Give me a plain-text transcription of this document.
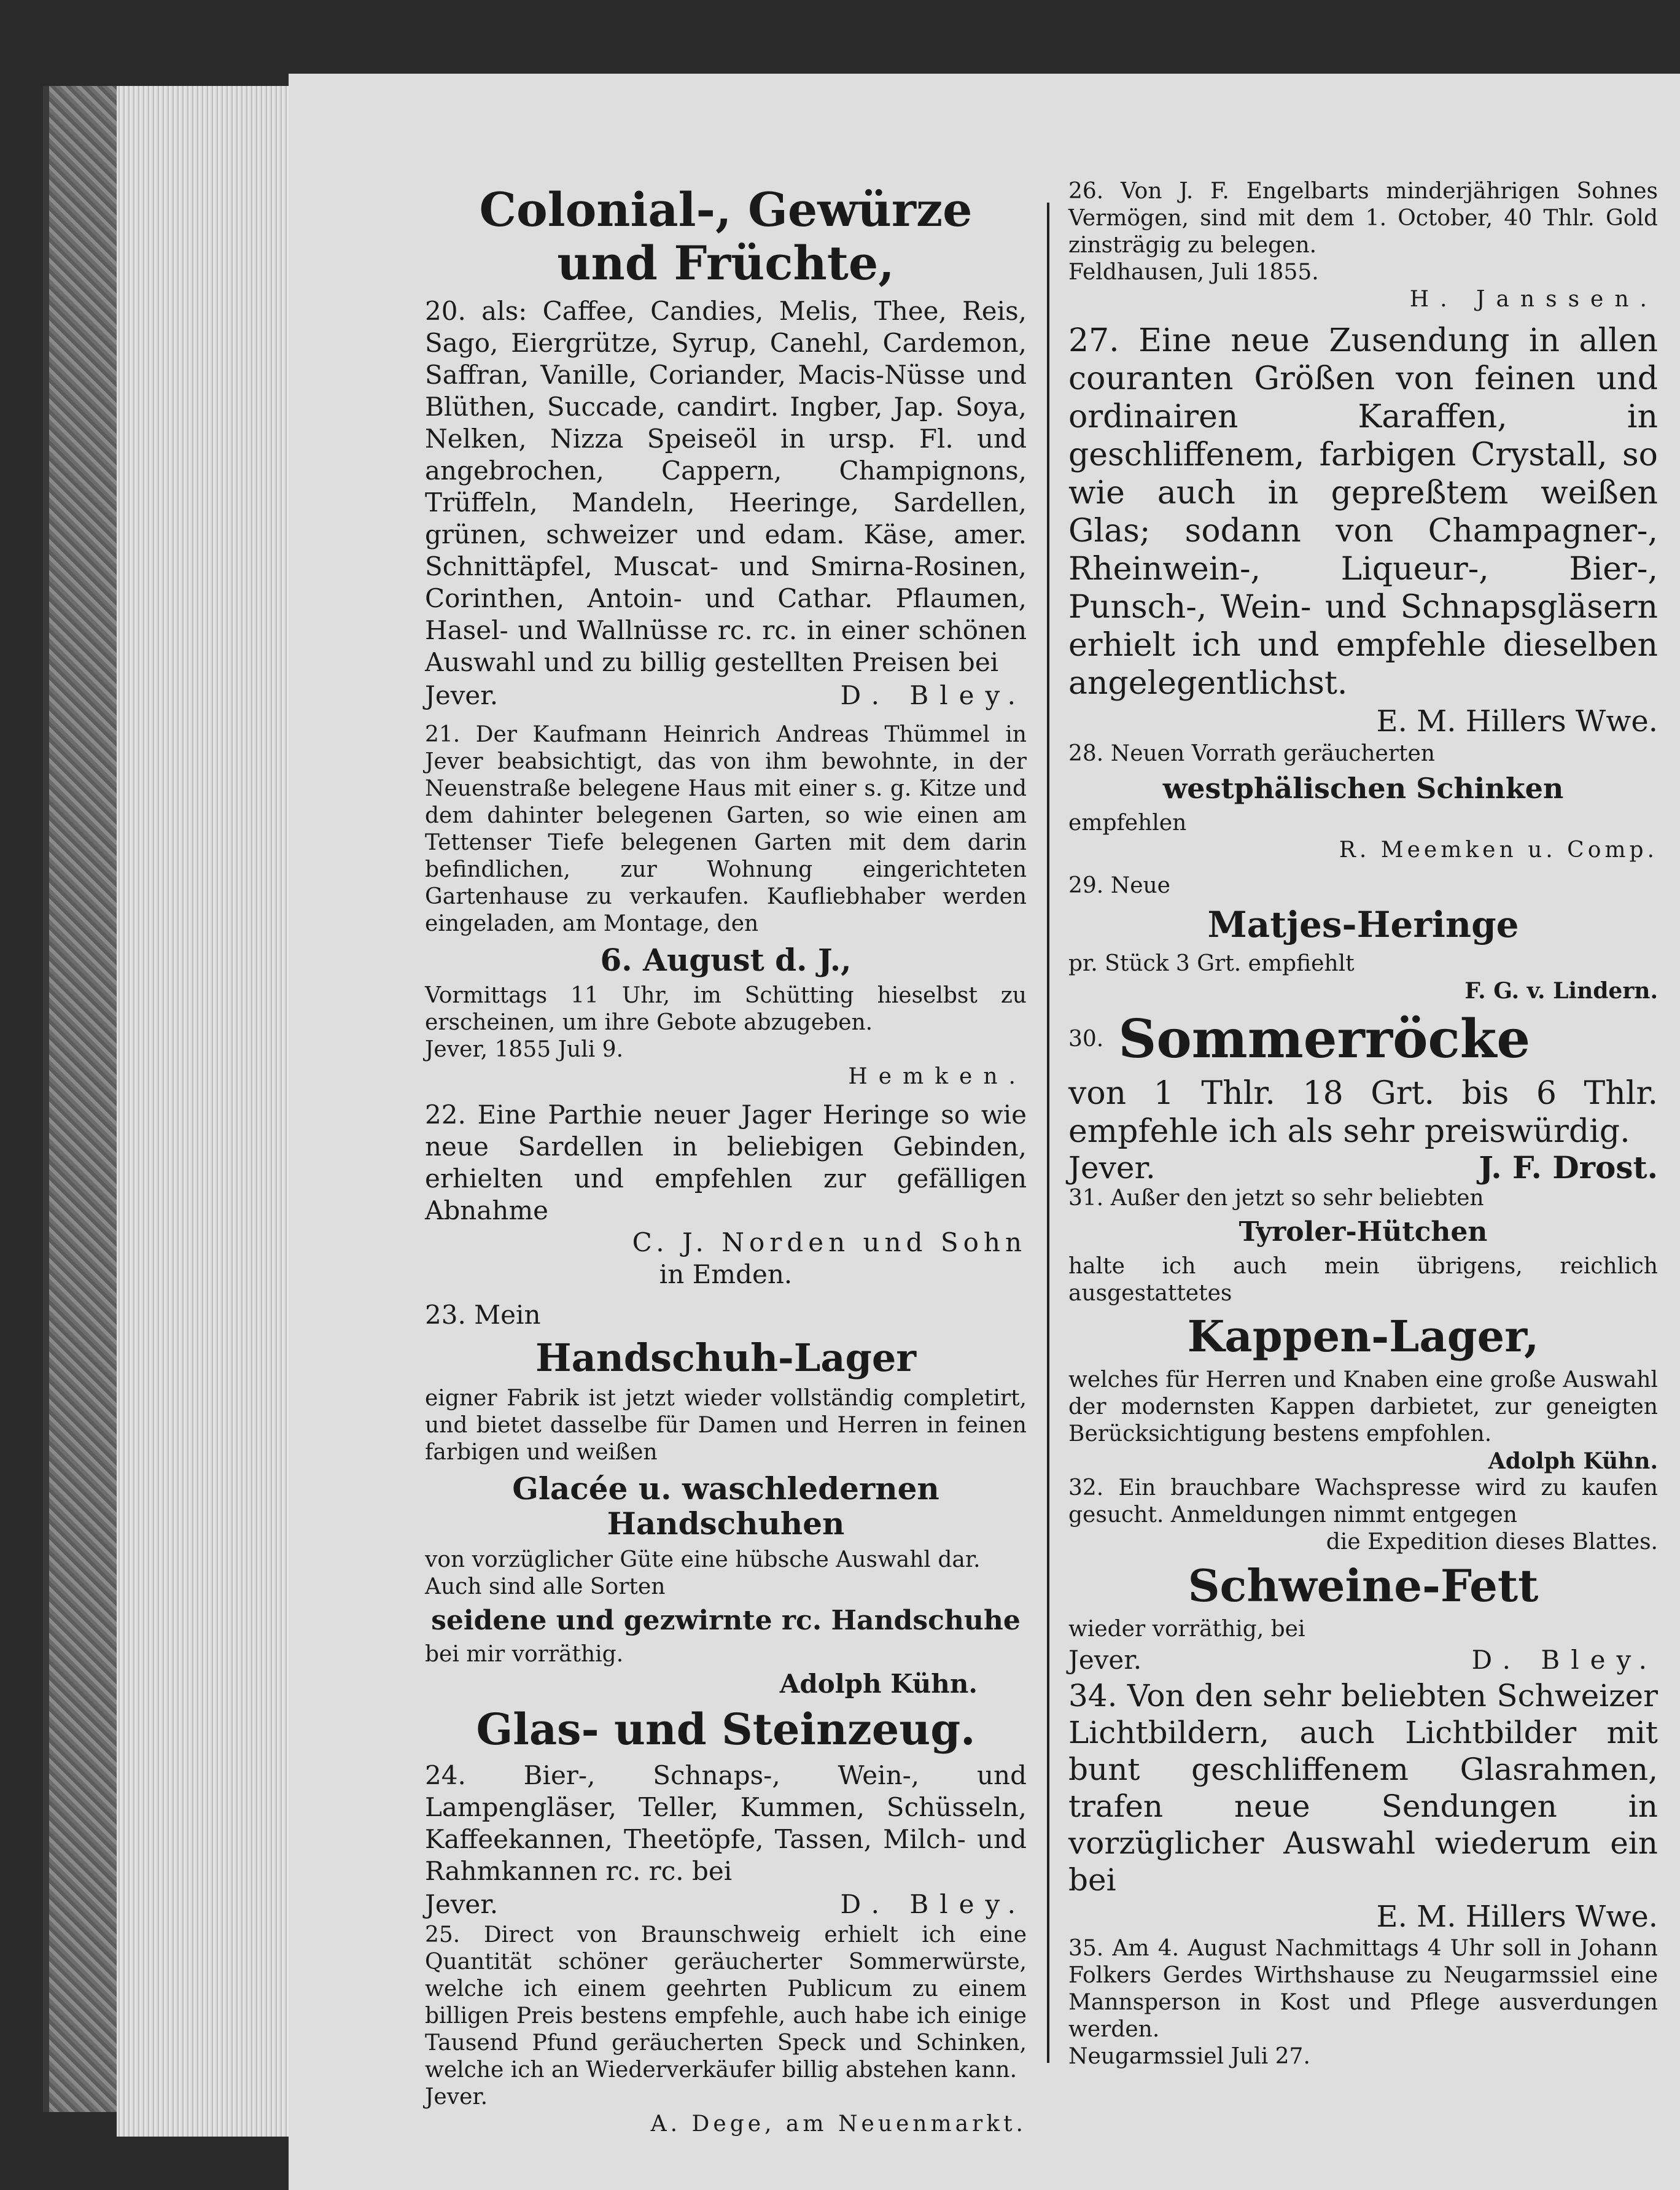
Colonial-, Gewürze und Früchte,

20. als: Caffee, Candies, Melis, Thee, Reis, Sago, Eiergrütze, Syrup, Canehl, Cardemon, Saffran, Vanille, Coriander, Macis-Nüsse und Blüthen, Succade, candirt. Ingber, Jap. Soya, Nelken, Nizza Speiseöl in ursp. Fl. und angebrochen, Cappern, Champignons, Trüffeln, Mandeln, Heeringe, Sardellen, grünen, schweizer und edam. Käse, amer. Schnittäpfel, Muscat- und Smirna-Rosinen, Corinthen, Antoin- und Cathar. Pflaumen, Hasel- und Wallnüsse rc. rc. in einer schönen Auswahl und zu billig gestellten Preisen bei

Jever.	D. Bley.

21. Der Kaufmann Heinrich Andreas Thümmel in Jever beabsichtigt, das von ihm bewohnte, in der Neuenstraße belegene Haus mit einer s. g. Kitze und dem dahinter belegenen Garten, so wie einen am Tettenser Tiefe belegenen Garten mit dem darin befindlichen, zur Wohnung eingerichteten Gartenhause zu verkaufen. Kaufliebhaber werden eingeladen, am Montage, den

6. August d. J.,

Vormittags 11 Uhr, im Schütting hieselbst zu erscheinen, um ihre Gebote abzugeben.

Jever, 1855 Juli 9.

Hemken.

22. Eine Parthie neuer Jager Heringe so wie neue Sardellen in beliebigen Gebinden, erhielten und empfehlen zur gefälligen Abnahme

C. J. Norden und Sohn

in Emden.

23. Mein

Handschuh-Lager

eigner Fabrik ist jetzt wieder vollständig completirt, und bietet dasselbe für Damen und Herren in feinen farbigen und weißen

Glacée u. waschledernen Handschuhen

von vorzüglicher Güte eine hübsche Auswahl dar.

Auch sind alle Sorten

seidene und gezwirnte rc. Handschuhe

bei mir vorräthig.

Adolph Kühn.

Glas- und Steinzeug.

24. Bier-, Schnaps-, Wein-, und Lampengläser, Teller, Kummen, Schüsseln, Kaffeekannen, Theetöpfe, Tassen, Milch- und Rahmkannen rc. rc. bei

Jever.	D. Bley.

25. Direct von Braunschweig erhielt ich eine Quantität schöner geräucherter Sommerwürste, welche ich einem geehrten Publicum zu einem billigen Preis bestens empfehle, auch habe ich einige Tausend Pfund geräucherten Speck und Schinken, welche ich an Wiederverkäufer billig abstehen kann.

Jever.

A. Dege, am Neuenmarkt.

26. Von J. F. Engelbarts minderjährigen Sohnes Vermögen, sind mit dem 1. October, 40 Thlr. Gold zinsträgig zu belegen.

Feldhausen, Juli 1855.

H. Janssen.

27. Eine neue Zusendung in allen couranten Größen von feinen und ordinairen Karaffen, in geschliffenem, farbigen Crystall, so wie auch in gepreßtem weißen Glas; sodann von Champagner-, Rheinwein-, Liqueur-, Bier-, Punsch-, Wein- und Schnapsgläsern erhielt ich und empfehle dieselben angelegentlichst.

E. M. Hillers Wwe.

28. Neuen Vorrath geräucherten

westphälischen Schinken

empfehlen

R. Meemken u. Comp.

29. Neue

Matjes-Heringe

pr. Stück 3 Grt. empfiehlt

F. G. v. Lindern.

30. Sommerröcke

von 1 Thlr. 18 Grt. bis 6 Thlr. empfehle ich als sehr preiswürdig.

Jever.	J. F. Drost.

31. Außer den jetzt so sehr beliebten

Tyroler-Hütchen

halte ich auch mein übrigens, reichlich ausgestattetes

Kappen-Lager,

welches für Herren und Knaben eine große Auswahl der modernsten Kappen darbietet, zur geneigten Berücksichtigung bestens empfohlen.

Adolph Kühn.

32. Ein brauchbare Wachspresse wird zu kaufen gesucht. Anmeldungen nimmt entgegen

die Expedition dieses Blattes.

Schweine-Fett

wieder vorräthig, bei

Jever.	D. Bley.

34. Von den sehr beliebten Schweizer Lichtbildern, auch Lichtbilder mit bunt geschliffenem Glasrahmen, trafen neue Sendungen in vorzüglicher Auswahl wiederum ein bei

E. M. Hillers Wwe.

35. Am 4. August Nachmittags 4 Uhr soll in Johann Folkers Gerdes Wirthshause zu Neugarmssiel eine Mannsperson in Kost und Pflege ausverdungen werden.

Neugarmssiel Juli 27.
